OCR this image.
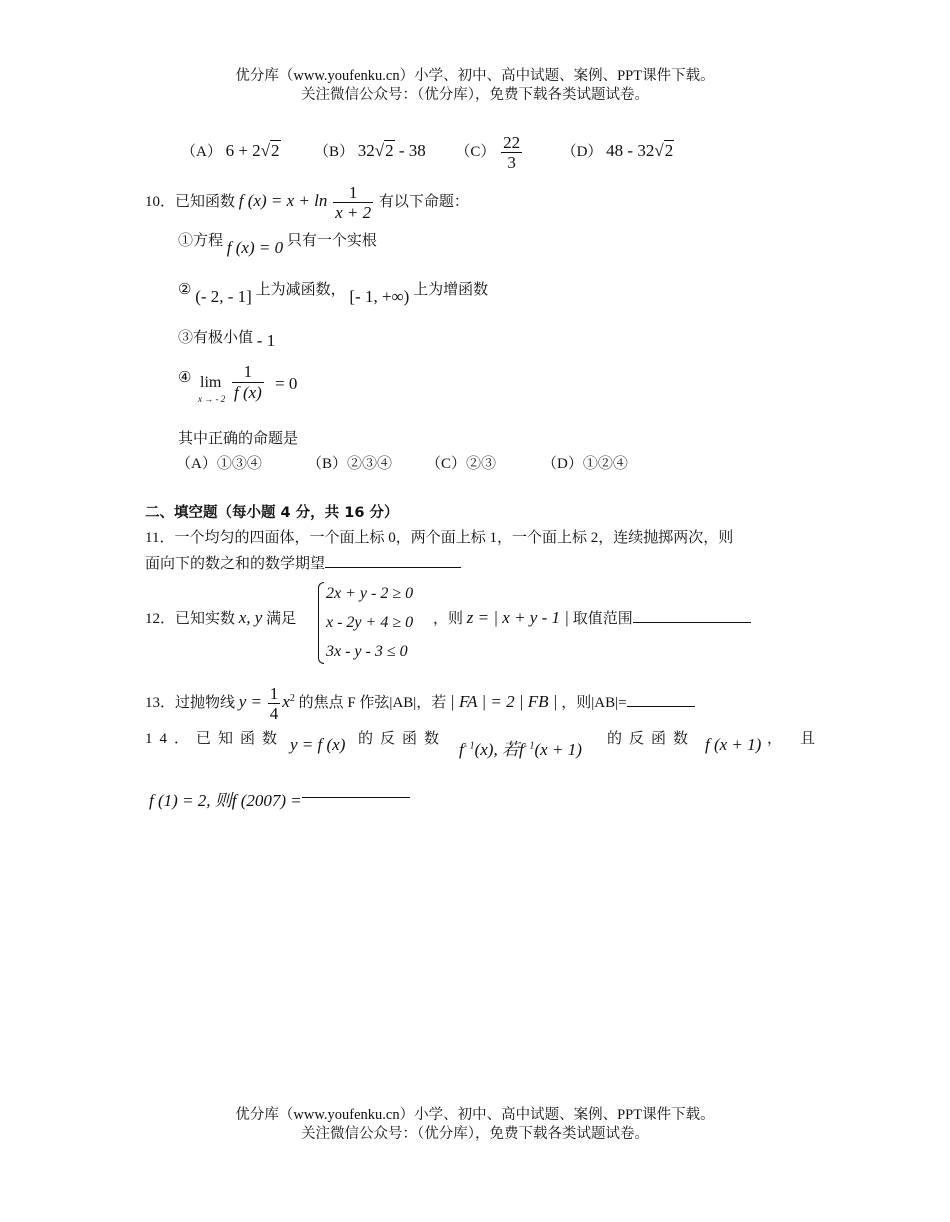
优分库（www.youfenku.cn）小学、初中、高中试题、案例、PPT课件下载。
关注微信公众号：（优分库），免费下载各类试题试卷。
（A） 6 + 2√2 （B） 32√2 - 38 $(C) \frac{22}{3}$	（D） 48 - 32√2
10．已知函数 f $(x) = x + \ln \frac{1}{x + 2}$ 有以下命题：
①方程 f (x) = 0 只有一个实根
② (- 2, - 1] 上为减函数， [- 1, +∞) 上为增函数
③有极小值 - 1
④ lim
x → - $2 \frac{1}{f (x)} = 0$
其中正确的命题是
（A）①③④	（B）②③④ （C）②③	（D）①②④
二、填空题（每小题 4 分，共 16 分）
11．一个均匀的四面体，一个面上标 0，两个面上标 1，一个面上标 2，连续抛掷两次，则
面向下的数之和的数学期望
12．已知实数 x, y 满足
2x + y - 2 ≥ 0
x - 2y + 4 ≥ 0
3x - y - 3 ≤ 0
，则 z = | x + y - 1 | 取值范围
13．过抛物线 $y = \frac{1}{4} x^2$ 的焦点 F 作弦|AB|，若 | FA | = 2 | FB | ，则|AB|=
14．已知函数 y = f (x) 的反函数
$f^{- 1}(x)$, 若$f^{- 1}(x + 1)$
的反函数 f (x + 1) ，且
f (1) = 2, 则f (2007) =
优分库（www.youfenku.cn）小学、初中、高中试题、案例、PPT课件下载。
关注微信公众号：（优分库），免费下载各类试题试卷。
